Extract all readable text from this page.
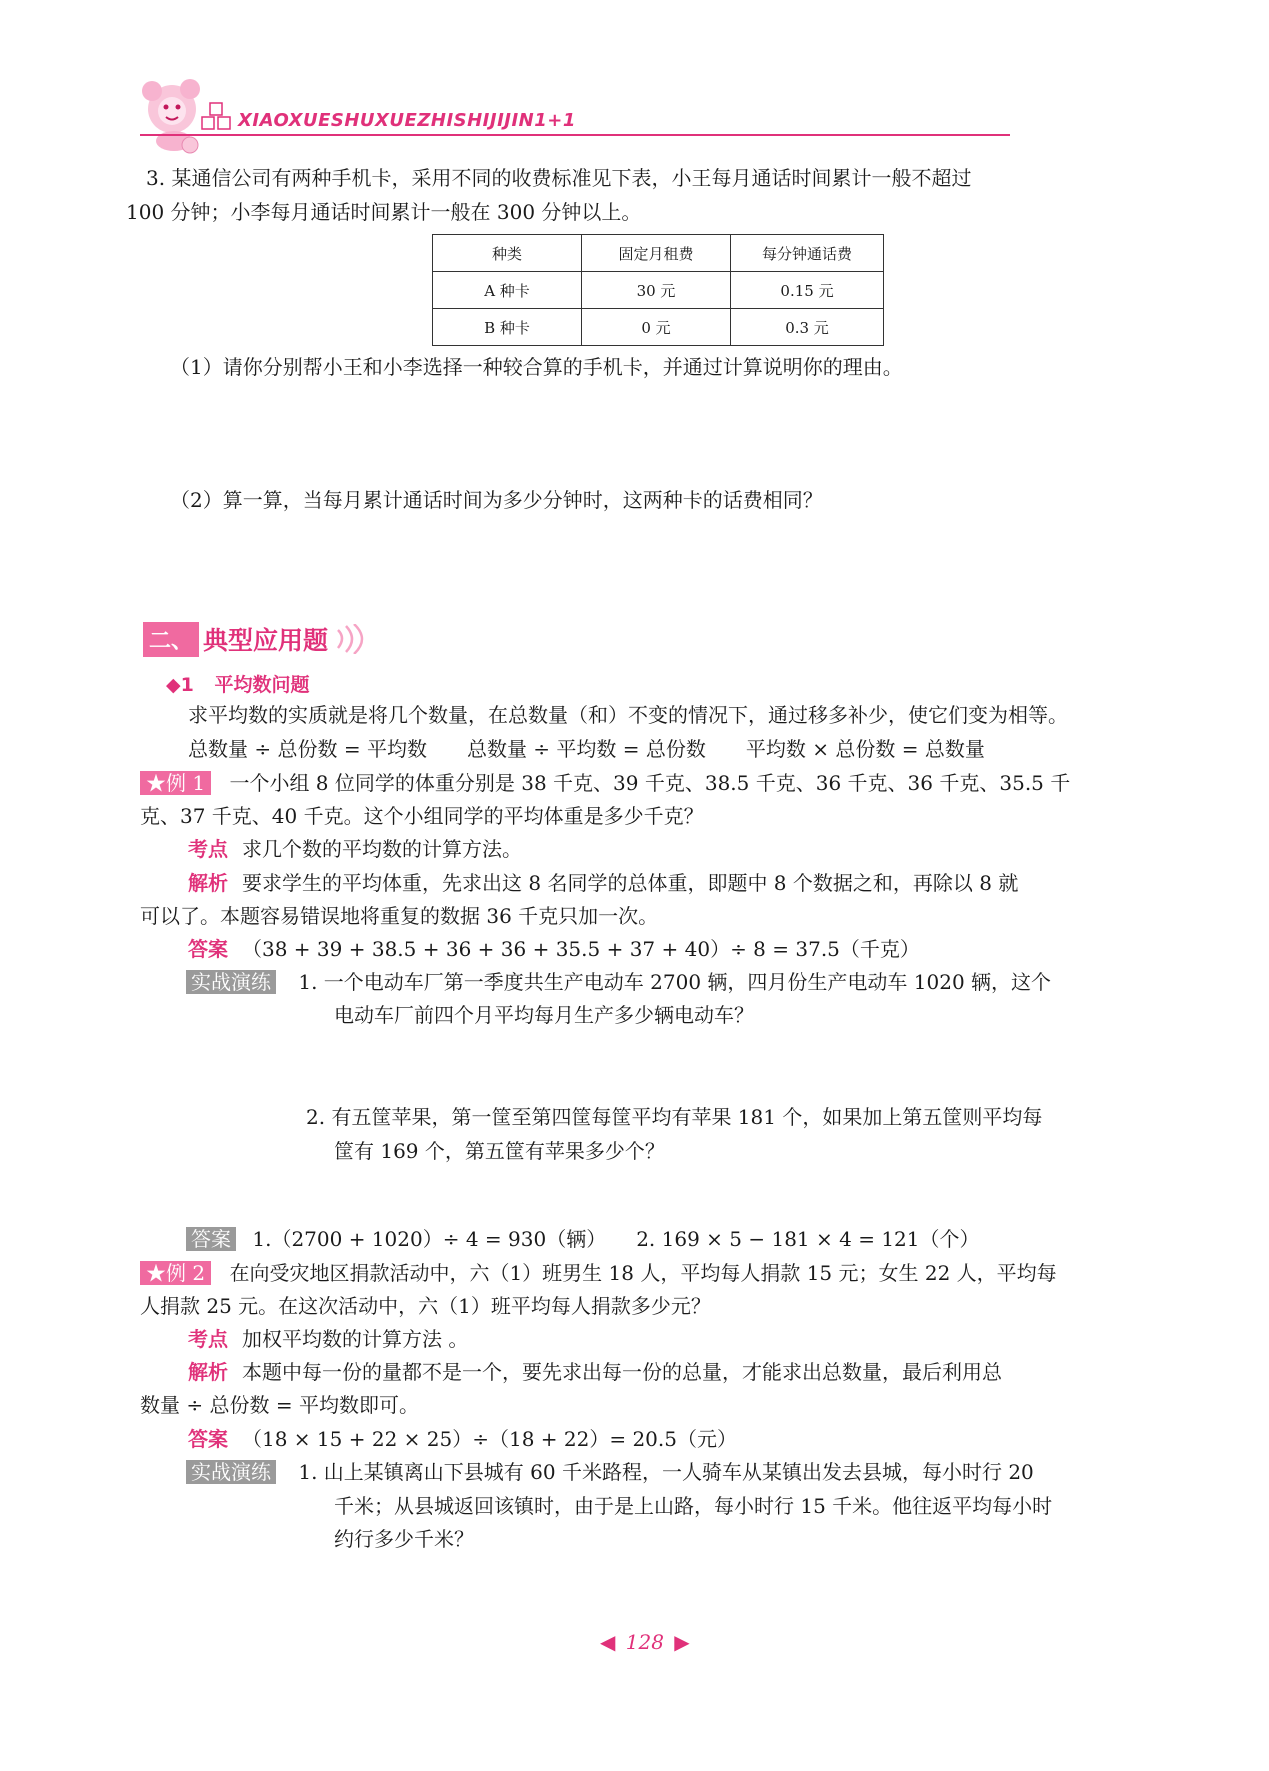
XIAOXUESHUXUEZHISHIJIJIN1+1
3. 某通信公司有两种手机卡，采用不同的收费标准见下表，小王每月通话时间累计一般不超过
100 分钟；小李每月通话时间累计一般在 300 分钟以上。
种类	固定月租费	每分钟通话费
A 种卡	30 元	0.15 元
B 种卡	0 元	0.3 元
（1）请你分别帮小王和小李选择一种较合算的手机卡，并通过计算说明你的理由。
（2）算一算，当每月累计通话时间为多少分钟时，这两种卡的话费相同？
二、 典型应用题
◆1 平均数问题
求平均数的实质就是将几个数量，在总数量（和）不变的情况下，通过移多补少，使它们变为相等。
总数量 ÷ 总份数 = 平均数　　总数量 ÷ 平均数 = 总份数　　平均数 × 总份数 = 总数量
★例 1 一个小组 8 位同学的体重分别是 38 千克、39 千克、38.5 千克、36 千克、36 千克、35.5 千
克、37 千克、40 千克。这个小组同学的平均体重是多少千克？
考点 求几个数的平均数的计算方法。
解析 要求学生的平均体重，先求出这 8 名同学的总体重，即题中 8 个数据之和，再除以 8 就
可以了。本题容易错误地将重复的数据 36 千克只加一次。
答案 （38 + 39 + 38.5 + 36 + 36 + 35.5 + 37 + 40）÷ 8 = 37.5（千克）
实战演练 1. 一个电动车厂第一季度共生产电动车 2700 辆，四月份生产电动车 1020 辆，这个
电动车厂前四个月平均每月生产多少辆电动车？
2. 有五筐苹果，第一筐至第四筐每筐平均有苹果 181 个，如果加上第五筐则平均每
筐有 169 个，第五筐有苹果多少个？
答案 1.（2700 + 1020）÷ 4 = 930（辆）　　2. 169 × 5 − 181 × 4 = 121（个）
★例 2 在向受灾地区捐款活动中，六（1）班男生 18 人，平均每人捐款 15 元；女生 22 人，平均每
人捐款 25 元。在这次活动中，六（1）班平均每人捐款多少元？
考点 加权平均数的计算方法 。
解析 本题中每一份的量都不是一个，要先求出每一份的总量，才能求出总数量，最后利用总
数量 ÷ 总份数 = 平均数即可。
答案 （18 × 15 + 22 × 25）÷（18 + 22）= 20.5（元）
实战演练 1. 山上某镇离山下县城有 60 千米路程，一人骑车从某镇出发去县城，每小时行 20
千米；从县城返回该镇时，由于是上山路，每小时行 15 千米。他往返平均每小时
约行多少千米？
◀ 128 ▶
